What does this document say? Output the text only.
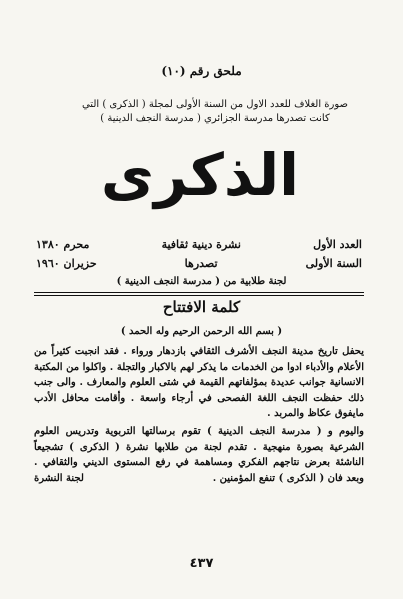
ملحق رقم (١٠)
صورة الغلاف للعدد الاول من السنة الأولى لمجلة ( الذكرى ) التي
كانت تصدرها مدرسة الجزائري ( مدرسة النجف الدينية )
الذكرى
العدد الأول
نشرة دينية ثقافية
محرم ١٣٨٠
السنة الأولى
تصدرها
حزيران ١٩٦٠
لجنة طلابية من ( مدرسة النجف الدينية )
كلمة الافتتاح
( بسم الله الرحمن الرحيم وله الحمد )

يحفل تاريخ مدينة النجف الأشرف الثقافي بازدهار ورواء . فقد انجبت كثيراً من الأعلام والأدباء ادوا من الخدمات ما يذكر لهم بالاكبار والتجلة . واكلوا من المكتبة الانسانية جوانب عديدة بمؤلفاتهم القيمة في شتى العلوم والمعارف . والى جنب ذلك حفظت النجف اللغة الفصحى في أرجاء واسعة . وأقامت محافل الأدب مايفوق عكاظ والمربد .

واليوم و ( مدرسة النجف الدينية ) تقوم برسالتها التربوية وتدريس العلوم الشرعية بصورة منهجية . تقدم لجنة من طلابها نشرة ( الذكرى ) تشجيعاً الناشئة بعرض نتاجهم الفكري ومساهمة في رفع المستوى الديني والثقافي . وبعد فان ( الذكرى ) تنفع المؤمنين .
لجنة النشرة

٤٣٧
